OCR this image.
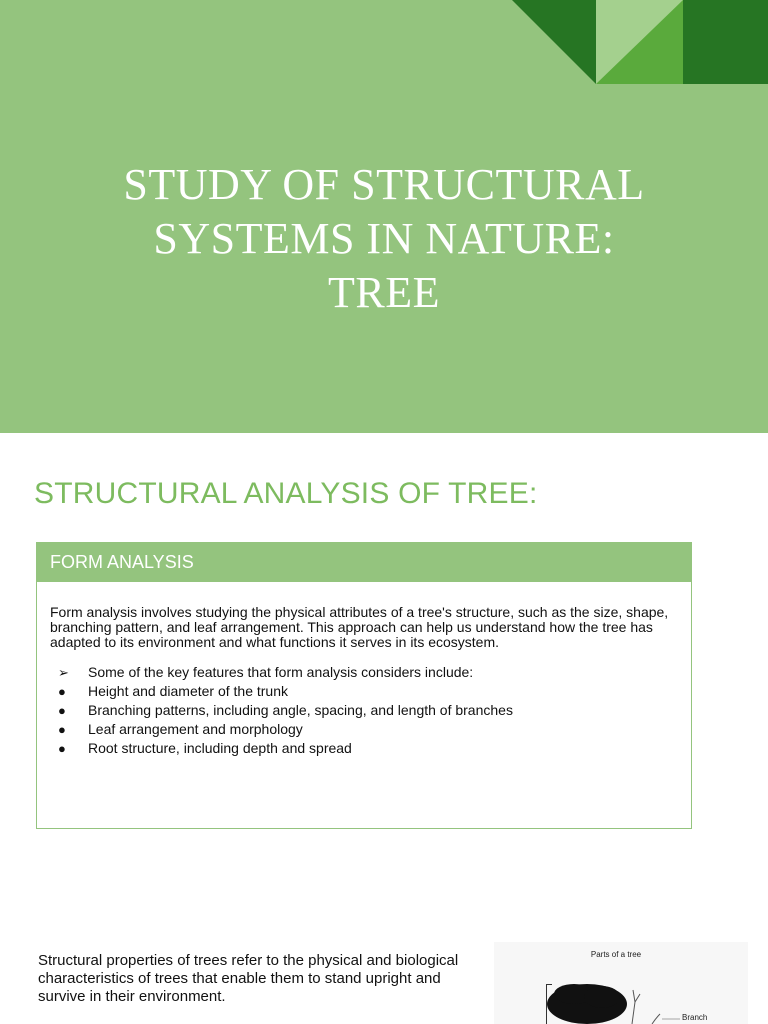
STUDY OF STRUCTURAL
SYSTEMS IN NATURE:
TREE
STRUCTURAL ANALYSIS OF TREE:
FORM ANALYSIS

Form analysis involves studying the physical attributes of a tree's structure, such as the size, shape, branching pattern, and leaf arrangement. This approach can help us understand how the tree has adapted to its environment and what functions it serves in its ecosystem.

➢	Some of the key features that form analysis considers include:
●	Height and diameter of the trunk
●	Branching patterns, including angle, spacing, and length of branches
●	Leaf arrangement and morphology
●	Root structure, including depth and spread
Structural properties of trees refer to the physical and biological characteristics of trees that enable them to stand upright and survive in their environment.
Parts of a tree
Branch
